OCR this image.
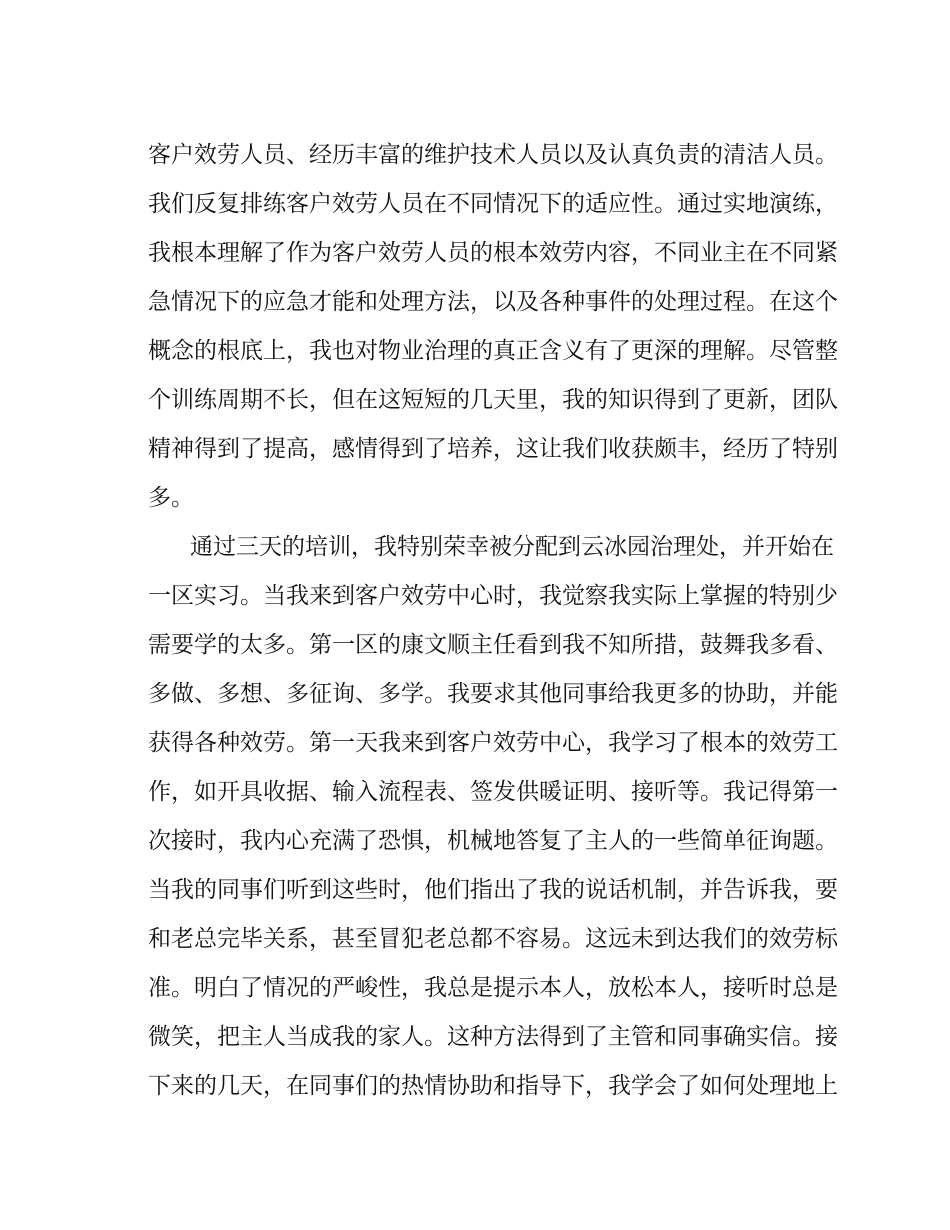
客户效劳人员、经历丰富的维护技术人员以及认真负责的清洁人员。

我们反复排练客户效劳人员在不同情况下的适应性。通过实地演练，

我根本理解了作为客户效劳人员的根本效劳内容，不同业主在不同紧

急情况下的应急才能和处理方法，以及各种事件的处理过程。在这个

概念的根底上，我也对物业治理的真正含义有了更深的理解。尽管整

个训练周期不长，但在这短短的几天里，我的知识得到了更新，团队

精神得到了提高，感情得到了培养，这让我们收获颇丰，经历了特别

多。

通过三天的培训，我特别荣幸被分配到云冰园治理处，并开始在

一区实习。当我来到客户效劳中心时，我觉察我实际上掌握的特别少

需要学的太多。第一区的康文顺主任看到我不知所措，鼓舞我多看、

多做、多想、多征询、多学。我要求其他同事给我更多的协助，并能

获得各种效劳。第一天我来到客户效劳中心，我学习了根本的效劳工

作，如开具收据、输入流程表、签发供暖证明、接听等。我记得第一

次接时，我内心充满了恐惧，机械地答复了主人的一些简单征询题。

当我的同事们听到这些时，他们指出了我的说话机制，并告诉我，要

和老总完毕关系，甚至冒犯老总都不容易。这远未到达我们的效劳标

准。明白了情况的严峻性，我总是提示本人，放松本人，接听时总是

微笑，把主人当成我的家人。这种方法得到了主管和同事确实信。接

下来的几天，在同事们的热情协助和指导下，我学会了如何处理地上
